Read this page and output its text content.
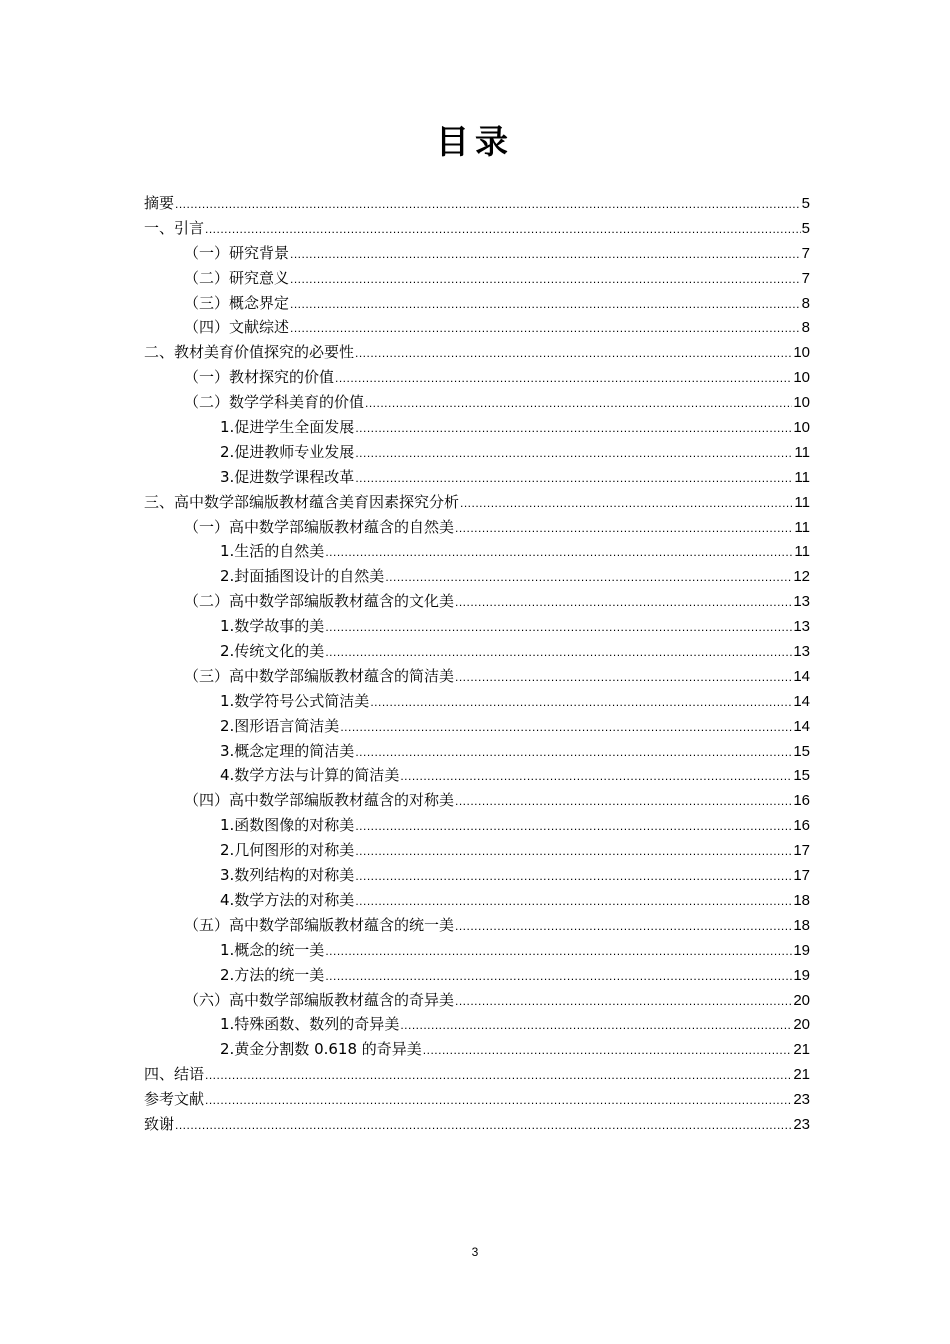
目录
摘要 .....	5
一、引言 .....	5
（一）研究背景 .....	7
（二）研究意义 .....	7
（三）概念界定 .....	8
（四）文献综述 .....	8
二、教材美育价值探究的必要性 .....	10
（一）教材探究的价值 .....	10
（二）数学学科美育的价值 .....	10
1.促进学生全面发展 .....	10
2.促进教师专业发展 .....	11
3.促进数学课程改革 .....	11
三、高中数学部编版教材蕴含美育因素探究分析 .....	11
（一）高中数学部编版教材蕴含的自然美 .....	11
1.生活的自然美 .....	11
2.封面插图设计的自然美 .....	12
（二）高中数学部编版教材蕴含的文化美 .....	13
1.数学故事的美 .....	13
2.传统文化的美 .....	13
（三）高中数学部编版教材蕴含的简洁美 .....	14
1.数学符号公式简洁美 .....	14
2.图形语言简洁美 .....	14
3.概念定理的简洁美 .....	15
4.数学方法与计算的简洁美 .....	15
（四）高中数学部编版教材蕴含的对称美 .....	16
1.函数图像的对称美 .....	16
2.几何图形的对称美 .....	17
3.数列结构的对称美 .....	17
4.数学方法的对称美 .....	18
（五）高中数学部编版教材蕴含的统一美 .....	18
1.概念的统一美 .....	19
2.方法的统一美 .....	19
（六）高中数学部编版教材蕴含的奇异美 .....	20
1.特殊函数、数列的奇异美 .....	20
2.黄金分割数 0.618 的奇异美 .....	21
四、结语 .....	21
参考文献 .....	23
致谢 .....	23
3
